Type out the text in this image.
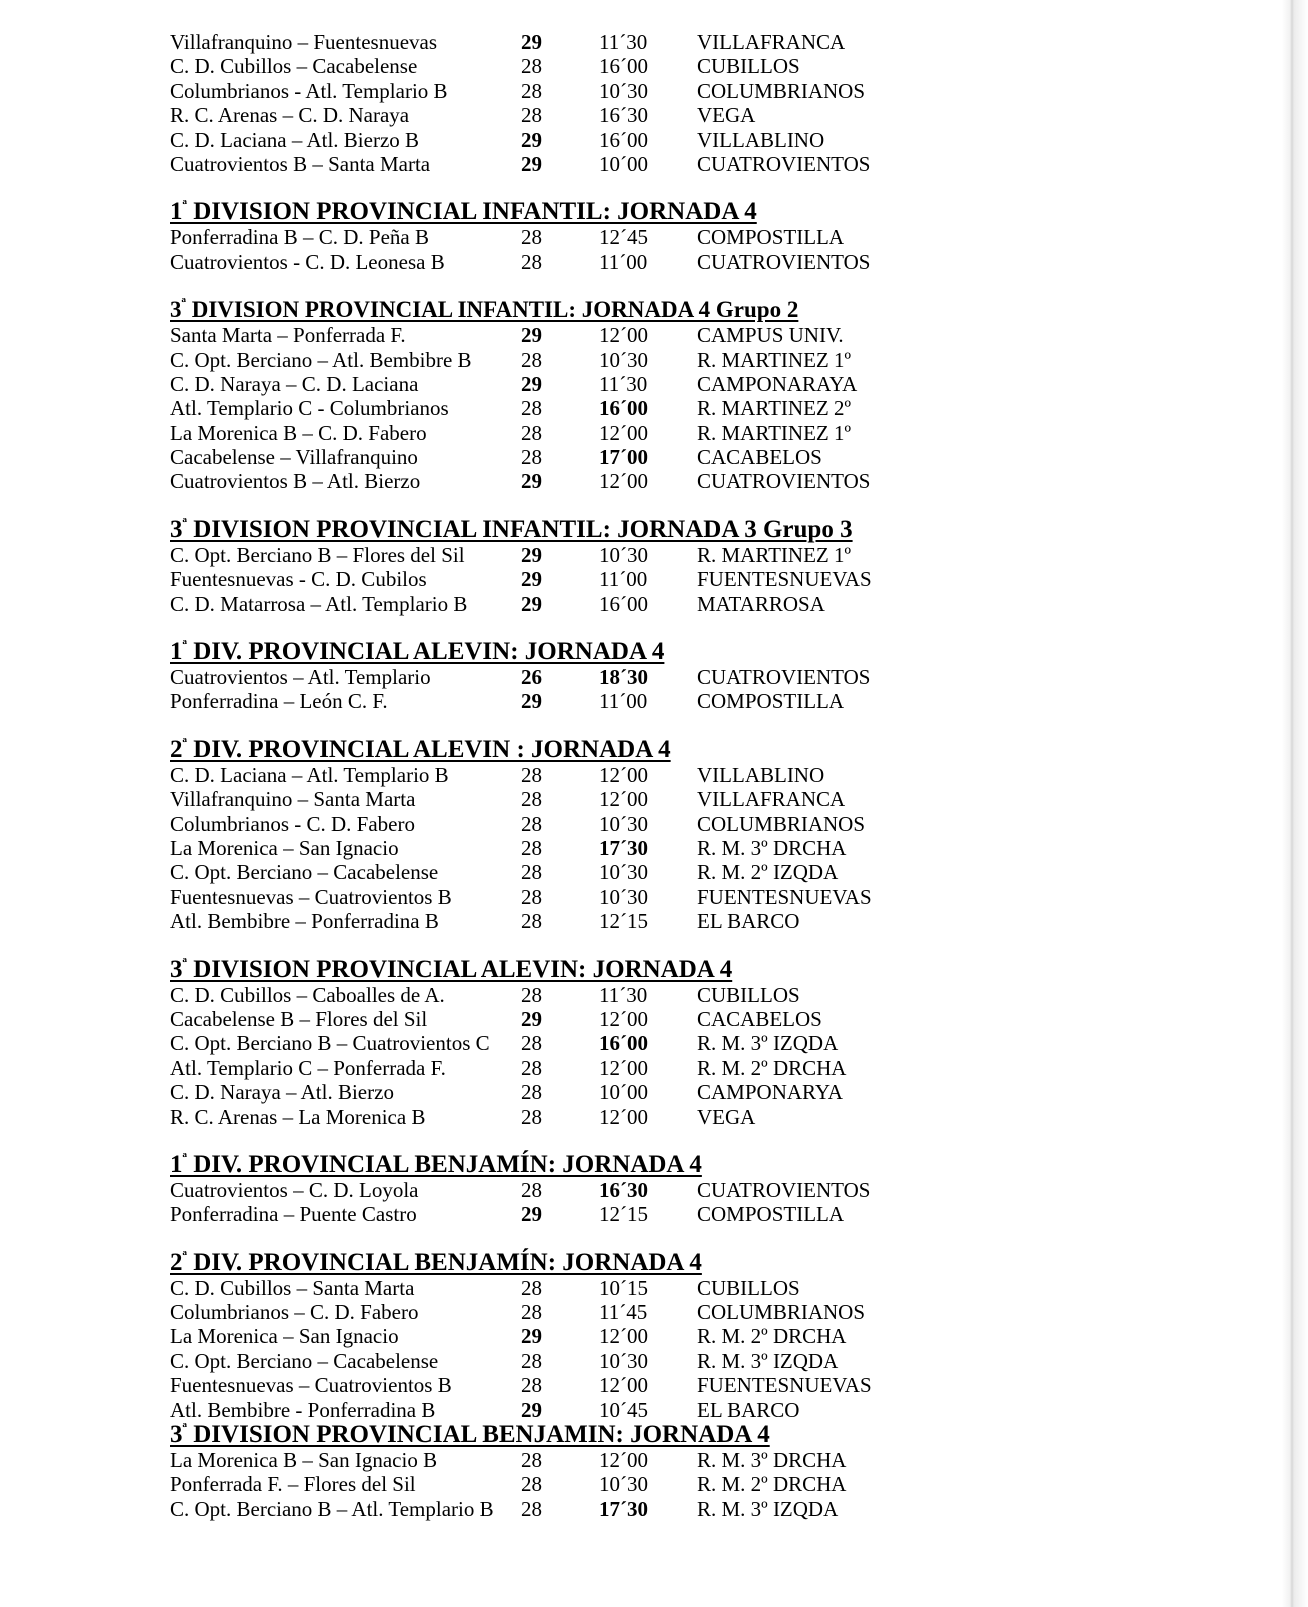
Villafranquino – Fuentesnuevas	29	11´30 VILLAFRANCA
C. D. Cubillos – Cacabelense	28	16´00 CUBILLOS
Columbrianos - Atl. Templario B	28	10´30 COLUMBRIANOS
R. C. Arenas – C. D. Naraya	28	16´30 VEGA
C. D. Laciana – Atl. Bierzo B	29	16´00 VILLABLINO
Cuatrovientos B – Santa Marta	29	10´00 CUATROVIENTOS
$1^ª$ DIVISION PROVINCIAL INFANTIL: JORNADA 4
Ponferradina B – C. D. Peña B	28	12´45 COMPOSTILLA
Cuatrovientos - C. D. Leonesa B	28	11´00 CUATROVIENTOS
$3^ª$ DIVISION PROVINCIAL INFANTIL: JORNADA 4 Grupo 2
Santa Marta – Ponferrada F.	29	12´00 CAMPUS UNIV.
C. Opt. Berciano – Atl. Bembibre B 28	10´30 R. MARTINEZ 1º
C. D. Naraya – C. D. Laciana	29	11´30 CAMPONARAYA
Atl. Templario C - Columbrianos	28	16´00 R. MARTINEZ 2º
La Morenica B – C. D. Fabero	28	12´00 R. MARTINEZ 1º
Cacabelense – Villafranquino	28	17´00 CACABELOS
Cuatrovientos B – Atl. Bierzo	29	12´00 CUATROVIENTOS
$3^ª$ DIVISION PROVINCIAL INFANTIL: JORNADA 3 Grupo 3
C. Opt. Berciano B – Flores del Sil	29	10´30 R. MARTINEZ 1º
Fuentesnuevas - C. D. Cubilos	29	11´00 FUENTESNUEVAS
C. D. Matarrosa – Atl. Templario B	29	16´00 MATARROSA
$1^ª$ DIV. PROVINCIAL ALEVIN: JORNADA 4
Cuatrovientos – Atl. Templario	26	18´30 CUATROVIENTOS
Ponferradina – León C. F.	29	11´00 COMPOSTILLA
$2^ª$ DIV. PROVINCIAL ALEVIN : JORNADA 4
C. D. Laciana – Atl. Templario B	28	12´00 VILLABLINO
Villafranquino – Santa Marta	28	12´00 VILLAFRANCA
Columbrianos - C. D. Fabero	28	10´30 COLUMBRIANOS
La Morenica – San Ignacio	28	17´30 R. M. 3º DRCHA
C. Opt. Berciano – Cacabelense	28	10´30 R. M. 2º IZQDA
Fuentesnuevas – Cuatrovientos B	28	10´30 FUENTESNUEVAS
Atl. Bembibre – Ponferradina B	28	12´15 EL BARCO
$3^ª$ DIVISION PROVINCIAL ALEVIN: JORNADA 4
C. D. Cubillos – Caboalles de A.	28	11´30 CUBILLOS
Cacabelense B – Flores del Sil	29	12´00 CACABELOS
C. Opt. Berciano B – Cuatrovientos C 28	16´00 R. M. 3º IZQDA
Atl. Templario C – Ponferrada F.	28	12´00 R. M. 2º DRCHA
C. D. Naraya – Atl. Bierzo	28	10´00 CAMPONARYA
R. C. Arenas – La Morenica B	28	12´00 VEGA
$1^ª$ DIV. PROVINCIAL BENJAMÍN: JORNADA 4
Cuatrovientos – C. D. Loyola	28	16´30 CUATROVIENTOS
Ponferradina – Puente Castro	29	12´15 COMPOSTILLA
$2^ª$ DIV. PROVINCIAL BENJAMÍN: JORNADA 4
C. D. Cubillos – Santa Marta	28	10´15 CUBILLOS
Columbrianos – C. D. Fabero	28	11´45 COLUMBRIANOS
La Morenica – San Ignacio	29	12´00 R. M. 2º DRCHA
C. Opt. Berciano – Cacabelense	28	10´30 R. M. 3º IZQDA
Fuentesnuevas – Cuatrovientos B	28	12´00 FUENTESNUEVAS
Atl. Bembibre - Ponferradina B	29	10´45 EL BARCO
$3^ª$ DIVISION PROVINCIAL BENJAMIN: JORNADA 4
La Morenica B – San Ignacio B	28	12´00 R. M. 3º DRCHA
Ponferrada F. – Flores del Sil	28	10´30 R. M. 2º DRCHA
C. Opt. Berciano B – Atl. Templario B 28	17´30 R. M. 3º IZQDA
